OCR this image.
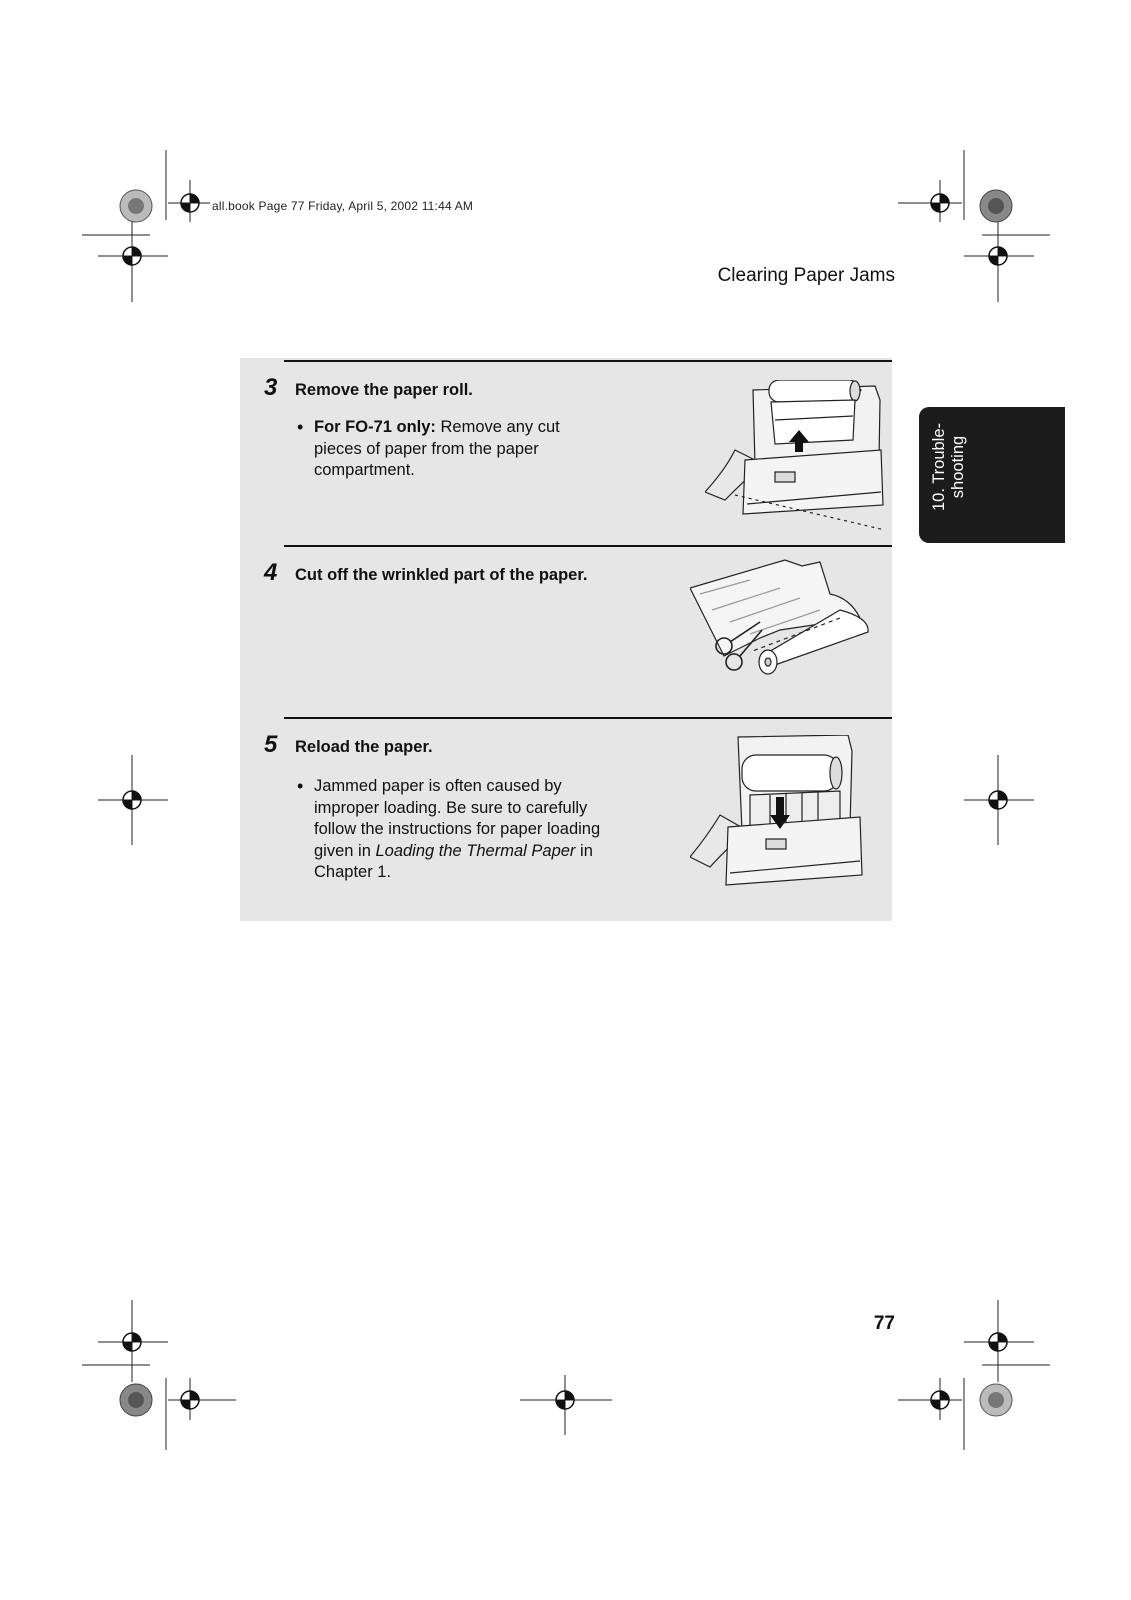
all.book Page 77 Friday, April 5, 2002 11:44 AM
Clearing Paper Jams
10. Trouble- shooting
3 Remove the paper roll.
• For FO-71 only: Remove any cut pieces of paper from the paper compartment.
4 Cut off the wrinkled part of the paper.
5 Reload the paper.
• Jammed paper is often caused by improper loading. Be sure to carefully follow the instructions for paper loading given in Loading the Thermal Paper in Chapter 1.
77
